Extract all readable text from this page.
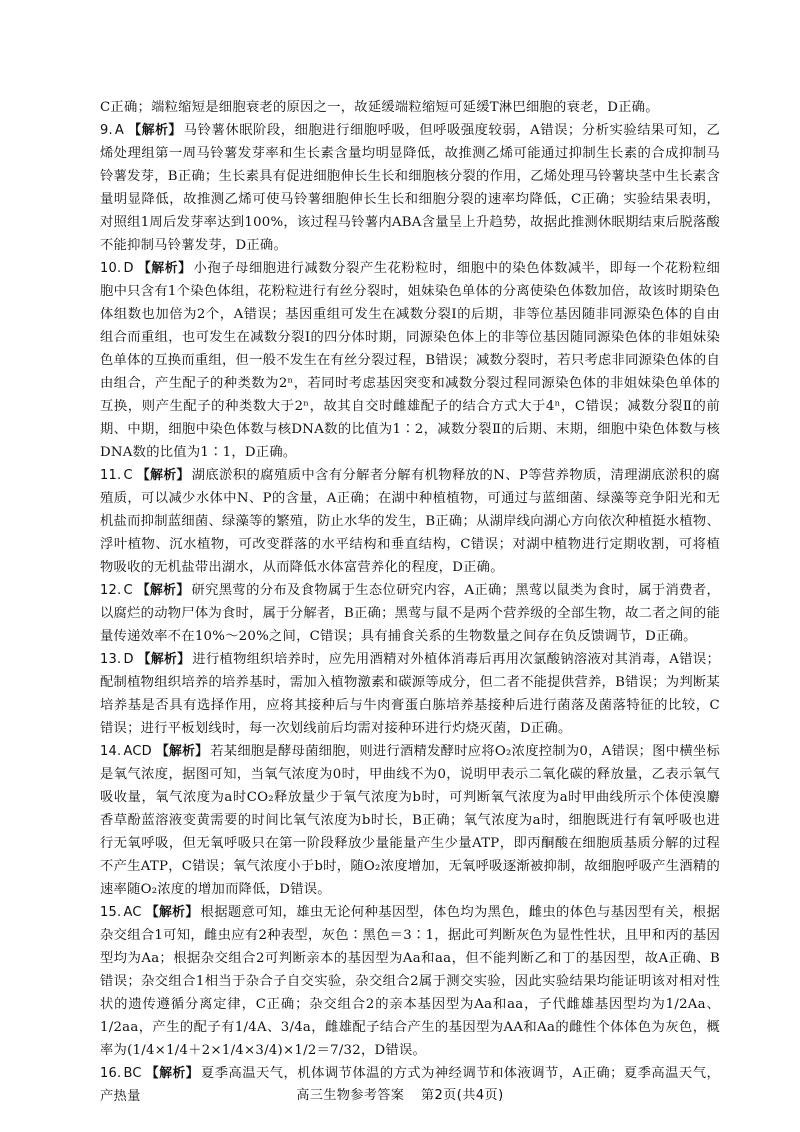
C正确；端粒缩短是细胞衰老的原因之一，故延缓端粒缩短可延缓T淋巴细胞的衰老，D正确。

9. A 【解析】 马铃薯休眠阶段，细胞进行细胞呼吸，但呼吸强度较弱，A错误；分析实验结果可知，乙烯处理组第一周马铃薯发芽率和生长素含量均明显降低，故推测乙烯可能通过抑制生长素的合成抑制马铃薯发芽，B正确；生长素具有促进细胞伸长生长和细胞核分裂的作用，乙烯处理马铃薯块茎中生长素含量明显降低，故推测乙烯可使马铃薯细胞伸长生长和细胞分裂的速率均降低，C正确；实验结果表明，对照组1周后发芽率达到100%，该过程马铃薯内ABA含量呈上升趋势，故据此推测休眠期结束后脱落酸不能抑制马铃薯发芽，D正确。

10. D 【解析】 小孢子母细胞进行减数分裂产生花粉粒时，细胞中的染色体数减半，即每一个花粉粒细胞中只含有1个染色体组，花粉粒进行有丝分裂时，姐妹染色单体的分离使染色体数加倍，故该时期染色体组数也加倍为2个，A错误；基因重组可发生在减数分裂Ⅰ的后期，非等位基因随非同源染色体的自由组合而重组，也可发生在减数分裂Ⅰ的四分体时期，同源染色体上的非等位基因随同源染色体的非姐妹染色单体的互换而重组，但一般不发生在有丝分裂过程，B错误；减数分裂时，若只考虑非同源染色体的自由组合，产生配子的种类数为2ⁿ，若同时考虑基因突变和减数分裂过程同源染色体的非姐妹染色单体的互换，则产生配子的种类数大于2ⁿ，故其自交时雌雄配子的结合方式大于4ⁿ，C错误；减数分裂Ⅱ的前期、中期，细胞中染色体数与核DNA数的比值为1∶2，减数分裂Ⅱ的后期、末期，细胞中染色体数与核DNA数的比值为1∶1，D正确。

11. C 【解析】 湖底淤积的腐殖质中含有分解者分解有机物释放的N、P等营养物质，清理湖底淤积的腐殖质，可以减少水体中N、P的含量，A正确；在湖中种植植物，可通过与蓝细菌、绿藻等竞争阳光和无机盐而抑制蓝细菌、绿藻等的繁殖，防止水华的发生，B正确；从湖岸线向湖心方向依次种植挺水植物、浮叶植物、沉水植物，可改变群落的水平结构和垂直结构，C错误；对湖中植物进行定期收割，可将植物吸收的无机盐带出湖水，从而降低水体富营养化的程度，D正确。

12. C 【解析】 研究黑莺的分布及食物属于生态位研究内容，A正确；黑莺以鼠类为食时，属于消费者，以腐烂的动物尸体为食时，属于分解者，B正确；黑莺与鼠不是两个营养级的全部生物，故二者之间的能量传递效率不在10%～20%之间，C错误；具有捕食关系的生物数量之间存在负反馈调节，D正确。

13. D 【解析】 进行植物组织培养时，应先用酒精对外植体消毒后再用次氯酸钠溶液对其消毒，A错误；配制植物组织培养的培养基时，需加入植物激素和碳源等成分，但二者不能提供营养，B错误；为判断某培养基是否具有选择作用，应将其接种后与牛肉膏蛋白胨培养基接种后进行菌落及菌落特征的比较，C错误；进行平板划线时，每一次划线前后均需对接种环进行灼烧灭菌，D正确。

14. ACD 【解析】 若某细胞是酵母菌细胞，则进行酒精发酵时应将O₂浓度控制为0，A错误；图中横坐标是氧气浓度，据图可知，当氧气浓度为0时，甲曲线不为0，说明甲表示二氧化碳的释放量，乙表示氧气吸收量，氧气浓度为a时CO₂释放量少于氧气浓度为b时，可判断氧气浓度为a时甲曲线所示个体使溴麝香草酚蓝溶液变黄需要的时间比氧气浓度为b时长，B正确；氧气浓度为a时，细胞既进行有氧呼吸也进行无氧呼吸，但无氧呼吸只在第一阶段释放少量能量产生少量ATP，即丙酮酸在细胞质基质分解的过程不产生ATP，C错误；氧气浓度小于b时，随O₂浓度增加，无氧呼吸逐渐被抑制，故细胞呼吸产生酒精的速率随O₂浓度的增加而降低，D错误。

15. AC 【解析】 根据题意可知，雄虫无论何种基因型，体色均为黑色，雌虫的体色与基因型有关，根据杂交组合1可知，雌虫应有2种表型，灰色∶黑色＝3∶1，据此可判断灰色为显性性状，且甲和丙的基因型均为Aa；根据杂交组合2可判断亲本的基因型为Aa和aa，但不能判断乙和丁的基因型，故A正确、B错误；杂交组合1相当于杂合子自交实验，杂交组合2属于测交实验，因此实验结果均能证明该对相对性状的遗传遵循分离定律，C正确；杂交组合2的亲本基因型为Aa和aa，子代雌雄基因型均为1/2Aa、1/2aa，产生的配子有1/4A、3/4a，雌雄配子结合产生的基因型为AA和Aa的雌性个体体色为灰色，概率为(1/4×1/4＋2×1/4×3/4)×1/2＝7/32，D错误。

16. BC 【解析】 夏季高温天气，机体调节体温的方式为神经调节和体液调节，A正确；夏季高温天气，产热量	高三生物参考答案 第2页(共4页)
